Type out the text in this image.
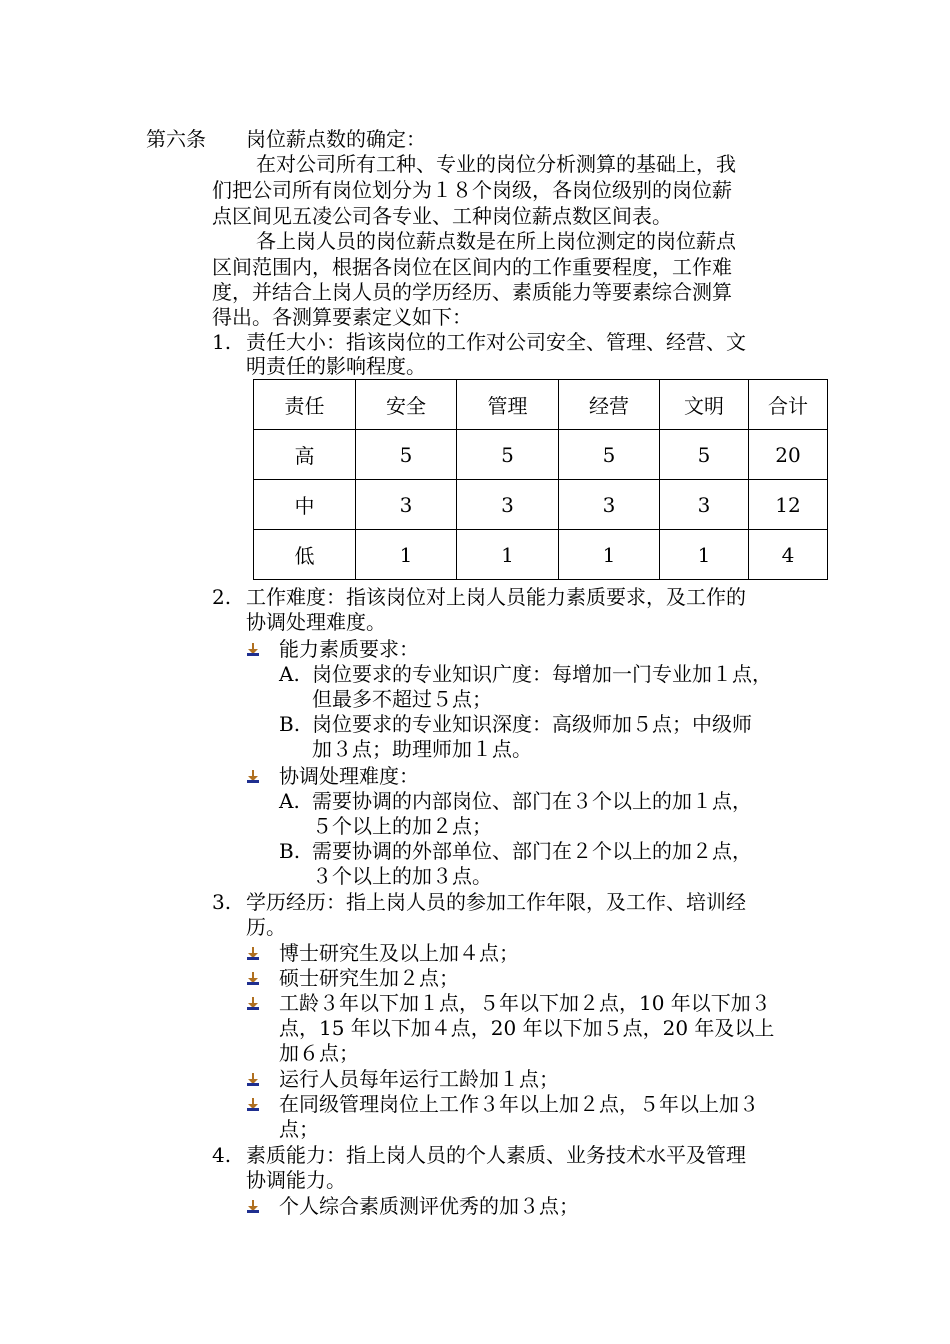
第六条 岗位薪点数的确定：
在对公司所有工种、专业的岗位分析测算的基础上，我
们把公司所有岗位划分为１８个岗级，各岗位级别的岗位薪
点区间见五凌公司各专业、工种岗位薪点数区间表。
各上岗人员的岗位薪点数是在所上岗位测定的岗位薪点
区间范围内，根据各岗位在区间内的工作重要程度，工作难
度，并结合上岗人员的学历经历、素质能力等要素综合测算
得出。各测算要素定义如下：
1. 责任大小：指该岗位的工作对公司安全、管理、经营、文
明责任的影响程度。
责任	安全	管理	经营	文明	合计
高	5	5	5	5	20
中	3	3	3	3	12
低	1	1	1	1	4
2. 工作难度：指该岗位对上岗人员能力素质要求，及工作的
协调处理难度。
能力素质要求：
A. 岗位要求的专业知识广度：每增加一门专业加１点，
但最多不超过５点；
B. 岗位要求的专业知识深度：高级师加５点；中级师
加３点；助理师加１点。
协调处理难度：
A. 需要协调的内部岗位、部门在３个以上的加１点，
５个以上的加２点；
B. 需要协调的外部单位、部门在２个以上的加２点，
３个以上的加３点。
3. 学历经历：指上岗人员的参加工作年限，及工作、培训经
历。
博士研究生及以上加４点；
硕士研究生加２点；
工龄３年以下加１点，５年以下加２点，10 年以下加３
点，15 年以下加４点，20 年以下加５点，20 年及以上
加６点；
运行人员每年运行工龄加１点；
在同级管理岗位上工作３年以上加２点，５年以上加３
点；
4. 素质能力：指上岗人员的个人素质、业务技术水平及管理
协调能力。
个人综合素质测评优秀的加３点；
